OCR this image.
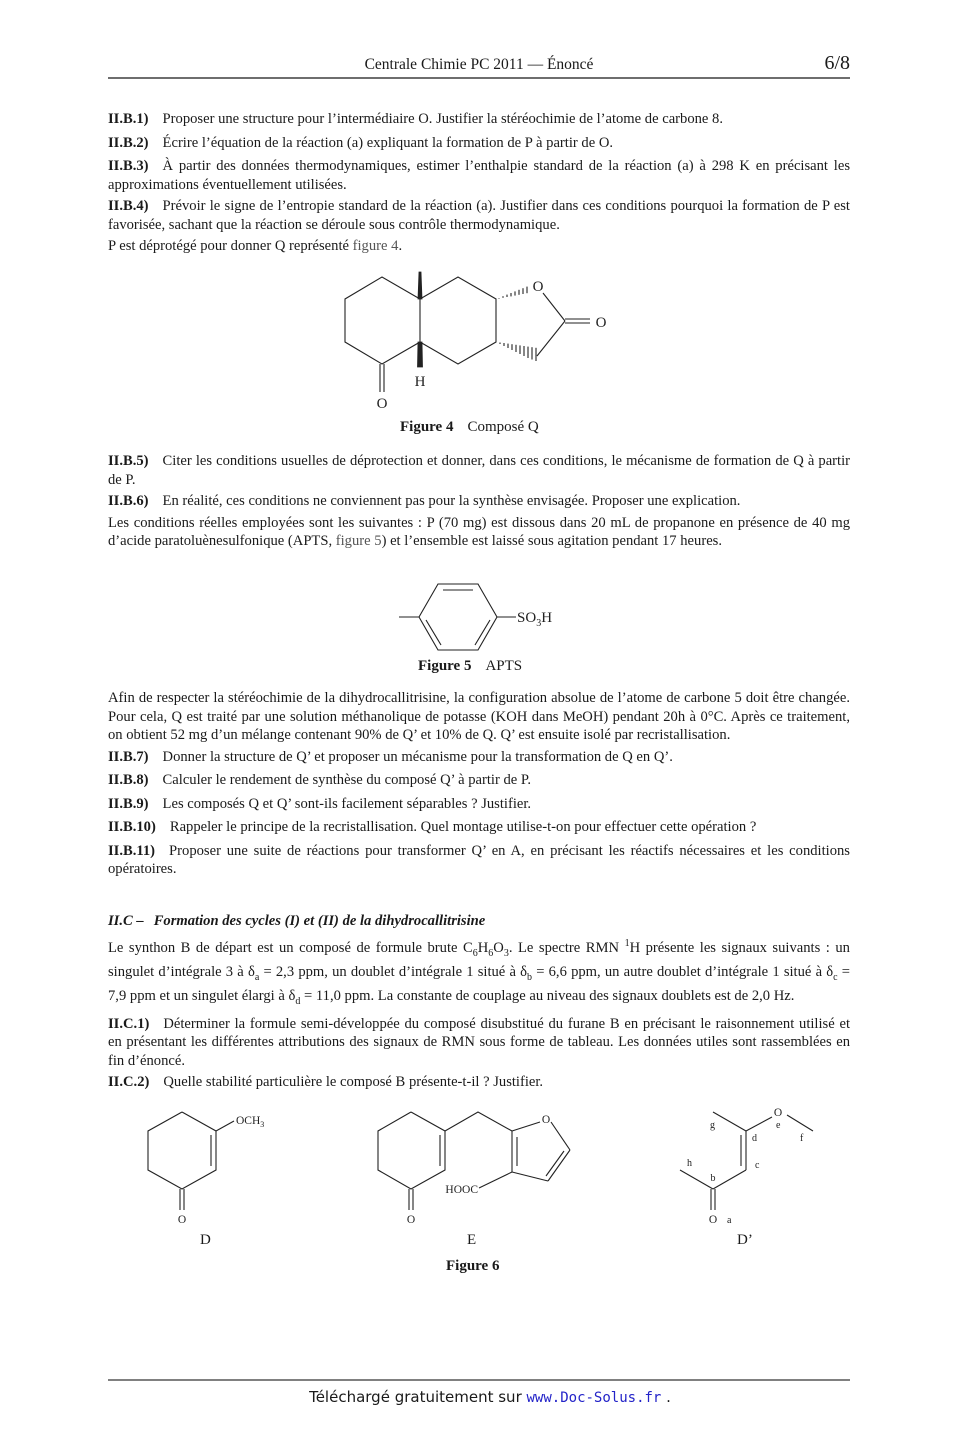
Centrale Chimie PC 2011 — Énoncé	6/8

II.B.1) Proposer une structure pour l’intermédiaire O. Justifier la stéréochimie de l’atome de carbone 8.

II.B.2) Écrire l’équation de la réaction (a) expliquant la formation de P à partir de O.

II.B.3) À partir des données thermodynamiques, estimer l’enthalpie standard de la réaction (a) à 298 K en précisant les approximations éventuellement utilisées.

II.B.4) Prévoir le signe de l’entropie standard de la réaction (a). Justifier dans ces conditions pourquoi la formation de P est favorisée, sachant que la réaction se déroule sous contrôle thermodynamique.

P est déprotégé pour donner Q représenté figure 4.

H
O
O
O
$SO_3H$
$OCH_3$
O
O
HOOC
O
O
O a
b
c
d
e
f
g
h
Figure 4 Composé Q

II.B.5) Citer les conditions usuelles de déprotection et donner, dans ces conditions, le mécanisme de formation de Q à partir de P.

II.B.6) En réalité, ces conditions ne conviennent pas pour la synthèse envisagée. Proposer une explication.

Les conditions réelles employées sont les suivantes : P (70 mg) est dissous dans 20 mL de propanone en présence de 40 mg d’acide paratoluènesulfonique (APTS, figure 5) et l’ensemble est laissé sous agitation pendant 17 heures.

Figure 5 APTS

Afin de respecter la stéréochimie de la dihydrocallitrisine, la configuration absolue de l’atome de carbone 5 doit être changée. Pour cela, Q est traité par une solution méthanolique de potasse (KOH dans MeOH) pendant 20h à 0°C. Après ce traitement, on obtient 52 mg d’un mélange contenant 90% de Q’ et 10% de Q. Q’ est ensuite isolé par recristallisation.

II.B.7) Donner la structure de Q’ et proposer un mécanisme pour la transformation de Q en Q’.

II.B.8) Calculer le rendement de synthèse du composé Q’ à partir de P.

II.B.9) Les composés Q et Q’ sont-ils facilement séparables ? Justifier.

II.B.10) Rappeler le principe de la recristallisation. Quel montage utilise-t-on pour effectuer cette opération ?

II.B.11) Proposer une suite de réactions pour transformer Q’ en A, en précisant les réactifs nécessaires et les conditions opératoires.

II.C – Formation des cycles (I) et (II) de la dihydrocallitrisine

Le synthon B de départ est un composé de formule brute $C_6H_6O_3$. Le spectre RMN $^1$H présente les signaux suivants : un singulet d’intégrale 3 à $\delta_a = 2,3$ ppm, un doublet d’intégrale 1 situé à $\delta_b = 6,6$ ppm, un autre doublet d’intégrale 1 situé à $\delta_c = 7,9$ ppm et un singulet élargi à $\delta_d = 11,0$ ppm. La constante de couplage au niveau des signaux doublets est de 2,0 Hz.

II.C.1) Déterminer la formule semi-développée du composé disubstitué du furane B en précisant le raisonnement utilisé et en présentant les différentes attributions des signaux de RMN sous forme de tableau. Les données utiles sont rassemblées en fin d’énoncé.

II.C.2) Quelle stabilité particulière le composé B présente-t-il ? Justifier.

D	E	D’
Figure 6
Téléchargé gratuitement sur www.Doc-Solus.fr .
